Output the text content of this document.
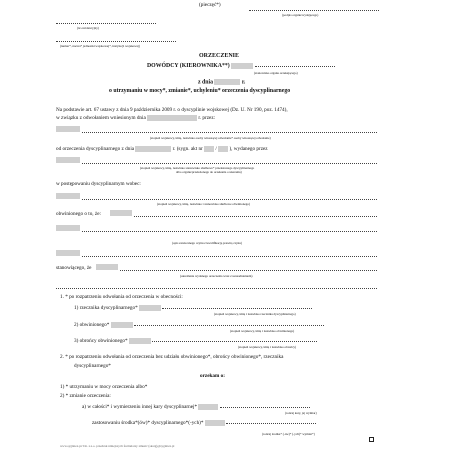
(pieczęć*)
(podpis organu/wydającego)
(nr ewidencyjny)
(numer*, nazwa* jednostki wojskowej*, instytucji wojskowej)
ORZECZENIE
DOWÓDCY (KIEROWNIKA**)
(stanowisko organu orzekającego)
z dnia	r.
o utrzymaniu w mocy*, zmianie*, uchyleniu* orzeczenia dyscyplinarnego
Na podstawie art. 67 ustawy z dnia 9 października 2009 r. o dyscyplinie wojskowej (Dz. U. Nr 190, poz. 1474),
w związku z odwołaniem wniesionym dnia	r. przez:
(stopień wojskowy, imię, nazwisko osoby wnoszącej odwołanie* osoby wnoszącej odwołanie)
od orzeczenia dyscyplinarnego z dnia	r. (sygn. akt nr  /  ), wydanego przez
(stopień wojskowy, imię, nazwisko stanowisko służbowe* przełożonego dyscyplinarnego
albo organu/przełożonego do orzekania o ukaraniu)
w postępowaniu dyscyplinarnym wobec:
(stopień wojskowy, imię, nazwisko i stanowisko służbowe obwinionego)
obwinionego o to, że:
(opis zarzucanego czynu z kwalifikacją prawną czynu)
stanowiącego, że
(określenie wydanego orzeczenia wraz z uzasadnieniem)
1. * po rozpatrzeniu odwołania od orzeczenia w obecności:
1) rzecznika dyscyplinarnego*
(stopień wojskowy, imię i nazwisko rzecznika dyscyplinarnego)
2) obwinionego*
(stopień wojskowy, imię i nazwisko obwinionego)
3) obrońcy obwinionego*
(stopień wojskowy, imię i nazwisko obrońcy)
2. * po rozpatrzeniu odwołania od orzeczenia bez udziału obwinionego*, obrońcy obwinionego*, rzecznika
dyscyplinarnego*
orzekam o:
1) * utrzymaniu w mocy orzeczenia albo*
2) * zmianie orzeczenia:
a) w całości* i wymierzeniu innej kary dyscyplinarnej*
(rodzaj kary, jej wymiar)
zastosowaniu środka*(ów)* dyscyplinarnego*(-ych)*
(rodzaj środka* (-ów)* (-ych)* wymiar*)
www.sygnitex.pl/ Dz. z.z.o. przedruk niniejszych formularzy zmusić (skarg)@sygnitex.pl
